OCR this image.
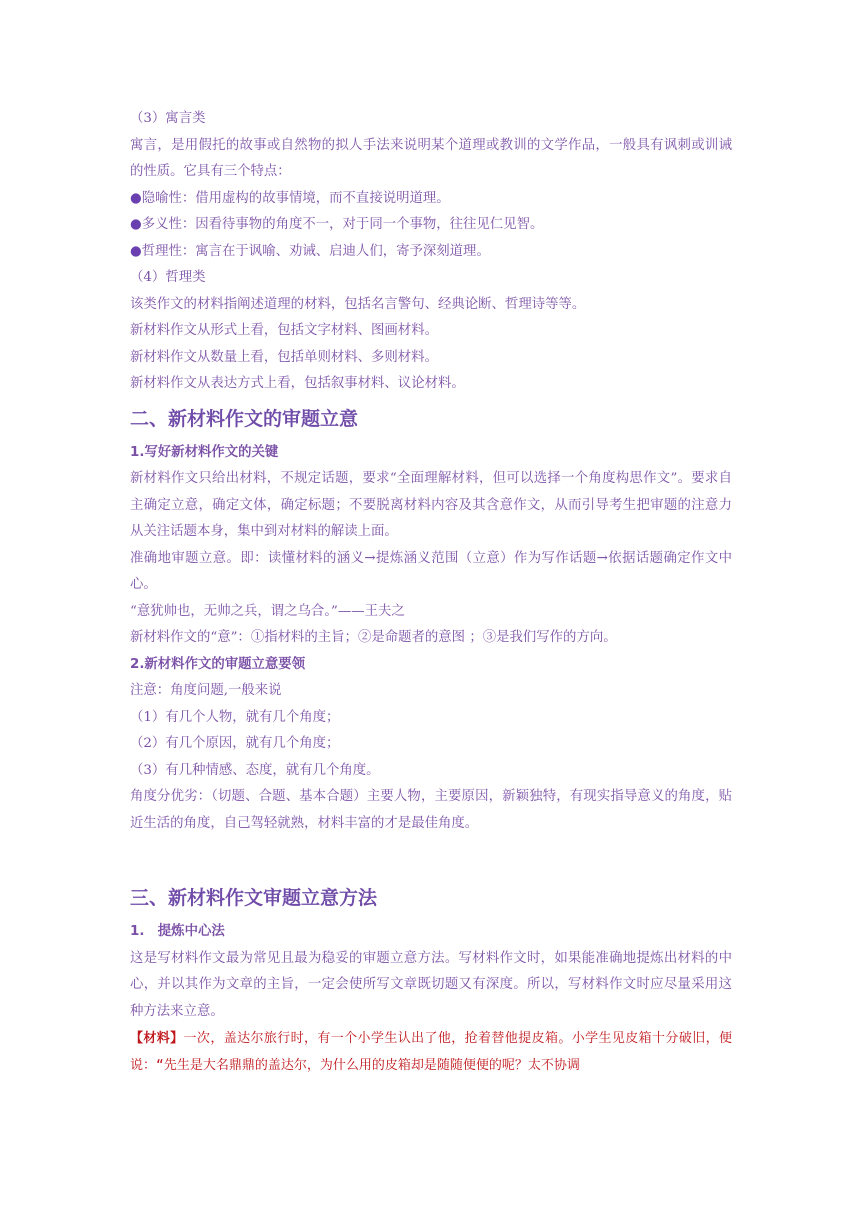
（3）寓言类
寓言，是用假托的故事或自然物的拟人手法来说明某个道理或教训的文学作品，一般具有讽刺或训诫的性质。它具有三个特点：
●隐喻性：借用虚构的故事情境，而不直接说明道理。
●多义性：因看待事物的角度不一，对于同一个事物，往往见仁见智。
●哲理性：寓言在于讽喻、劝诫、启迪人们，寄予深刻道理。
（4）哲理类
该类作文的材料指阐述道理的材料，包括名言警句、经典论断、哲理诗等等。
新材料作文从形式上看，包括文字材料、图画材料。
新材料作文从数量上看，包括单则材料、多则材料。
新材料作文从表达方式上看，包括叙事材料、议论材料。
二、新材料作文的审题立意
1.写好新材料作文的关键
新材料作文只给出材料，不规定话题，要求“全面理解材料，但可以选择一个角度构思作文”。要求自主确定立意，确定文体，确定标题；不要脱离材料内容及其含意作文，从而引导考生把审题的注意力从关注话题本身，集中到对材料的解读上面。
准确地审题立意。即：读懂材料的涵义→提炼涵义范围（立意）作为写作话题→依据话题确定作文中心。
“意犹帅也，无帅之兵，谓之乌合。”——王夫之
新材料作文的“意”：①指材料的主旨；②是命题者的意图 ；③是我们写作的方向。
2.新材料作文的审题立意要领
注意：角度问题,一般来说
（1）有几个人物，就有几个角度；
（2）有几个原因，就有几个角度；
（3）有几种情感、态度，就有几个角度。
角度分优劣：（切题、合题、基本合题）主要人物，主要原因，新颖独特，有现实指导意义的角度，贴近生活的角度，自己驾轻就熟，材料丰富的才是最佳角度。
三、新材料作文审题立意方法
1.　提炼中心法
这是写材料作文最为常见且最为稳妥的审题立意方法。写材料作文时，如果能准确地提炼出材料的中心，并以其作为文章的主旨，一定会使所写文章既切题又有深度。所以，写材料作文时应尽量采用这种方法来立意。
【材料】一次，盖达尔旅行时，有一个小学生认出了他，抢着替他提皮箱。小学生见皮箱十分破旧，便说：“先生是大名鼎鼎的盖达尔，为什么用的皮箱却是随随便便的呢？太不协调
